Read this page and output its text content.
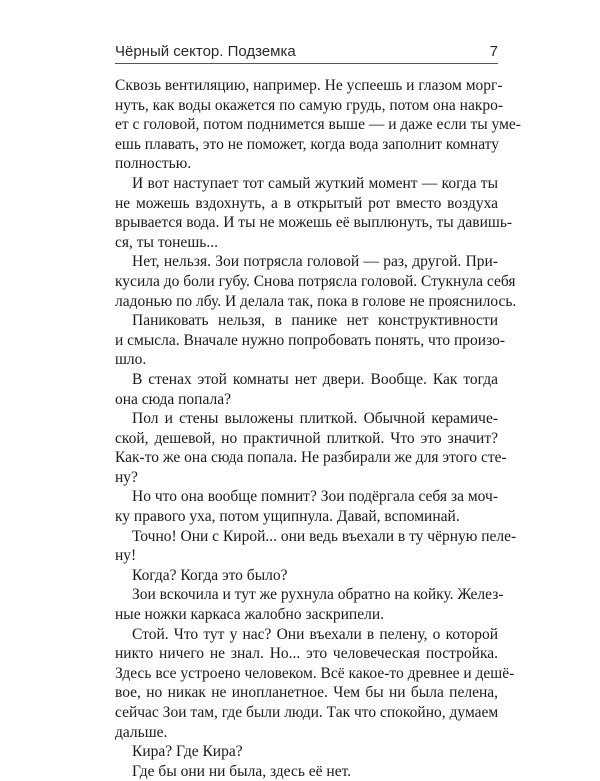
Чёрный сектор. Подземка	7
Сквозь вентиляцию, например. Не успеешь и глазом морг-
нуть, как воды окажется по самую грудь, потом она накро-
ет с головой, потом поднимется выше — и даже если ты уме-
ешь плавать, это не поможет, когда вода заполнит комнату
полностью.
И вот наступает тот самый жуткий момент — когда ты
не можешь вздохнуть, а в открытый рот вместо воздуха
врывается вода. И ты не можешь её выплюнуть, ты давишь-
ся, ты тонешь...
Нет, нельзя. Зои потрясла головой — раз, другой. При-
кусила до боли губу. Снова потрясла головой. Стукнула себя
ладонью по лбу. И делала так, пока в голове не прояснилось.
Паниковать нельзя, в панике нет конструктивности
и смысла. Вначале нужно попробовать понять, что произо-
шло.
В стенах этой комнаты нет двери. Вообще. Как тогда
она сюда попала?
Пол и стены выложены плиткой. Обычной керамиче-
ской, дешевой, но практичной плиткой. Что это значит?
Как-то же она сюда попала. Не разбирали же для этого сте-
ну?
Но что она вообще помнит? Зои подёргала себя за моч-
ку правого уха, потом ущипнула. Давай, вспоминай.
Точно! Они с Кирой... они ведь въехали в ту чёрную пеле-
ну!
Когда? Когда это было?
Зои вскочила и тут же рухнула обратно на койку. Желез-
ные ножки каркаса жалобно заскрипели.
Стой. Что тут у нас? Они въехали в пелену, о которой
никто ничего не знал. Но... это человеческая постройка.
Здесь все устроено человеком. Всё какое-то древнее и дешё-
вое, но никак не инопланетное. Чем бы ни была пелена,
сейчас Зои там, где были люди. Так что спокойно, думаем
дальше.
Кира? Где Кира?
Где бы они ни была, здесь её нет.
